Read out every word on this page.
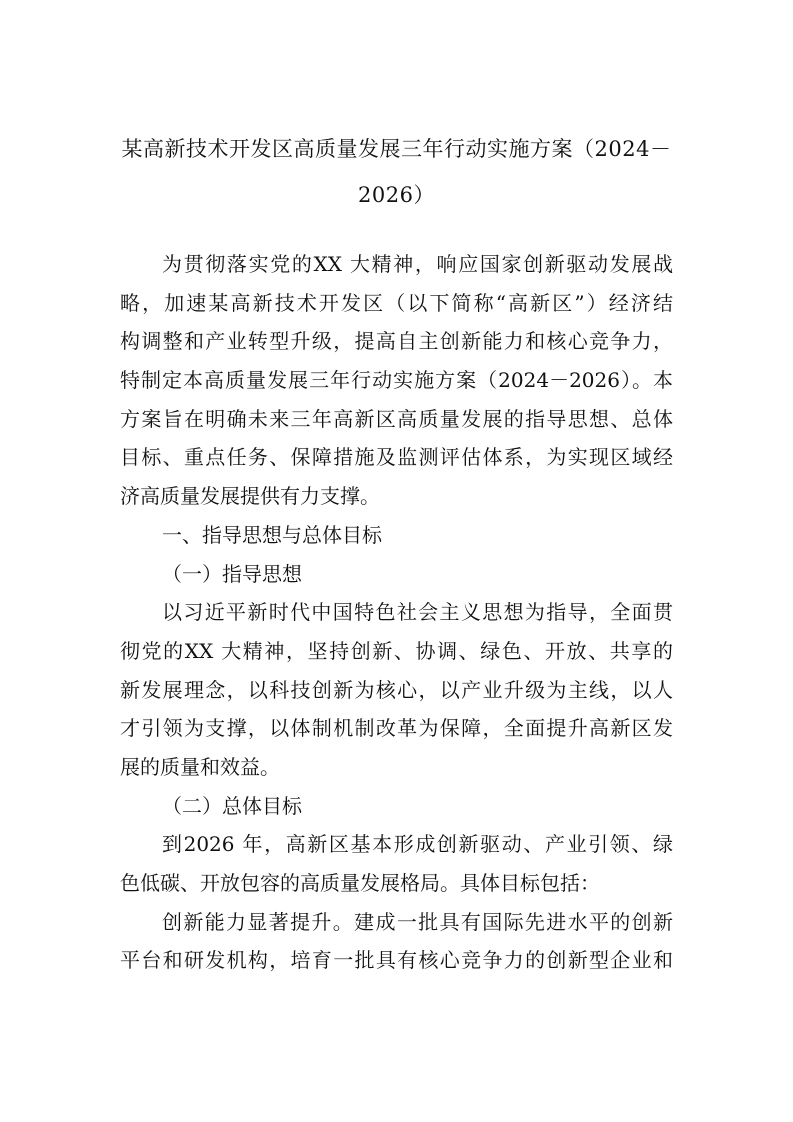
某高新技术开发区高质量发展三年行动实施方案（2024－
2026）
为贯彻落实党的XX 大精神，响应国家创新驱动发展战
略，加速某高新技术开发区（以下简称“高新区”）经济结
构调整和产业转型升级，提高自主创新能力和核心竞争力，
特制定本高质量发展三年行动实施方案（2024－2026）。本
方案旨在明确未来三年高新区高质量发展的指导思想、总体
目标、重点任务、保障措施及监测评估体系，为实现区域经
济高质量发展提供有力支撑。
一、指导思想与总体目标
（一）指导思想
以习近平新时代中国特色社会主义思想为指导，全面贯
彻党的XX 大精神，坚持创新、协调、绿色、开放、共享的
新发展理念，以科技创新为核心，以产业升级为主线，以人
才引领为支撑，以体制机制改革为保障，全面提升高新区发
展的质量和效益。
（二）总体目标
到2026 年，高新区基本形成创新驱动、产业引领、绿
色低碳、开放包容的高质量发展格局。具体目标包括：
创新能力显著提升。建成一批具有国际先进水平的创新
平台和研发机构，培育一批具有核心竞争力的创新型企业和
